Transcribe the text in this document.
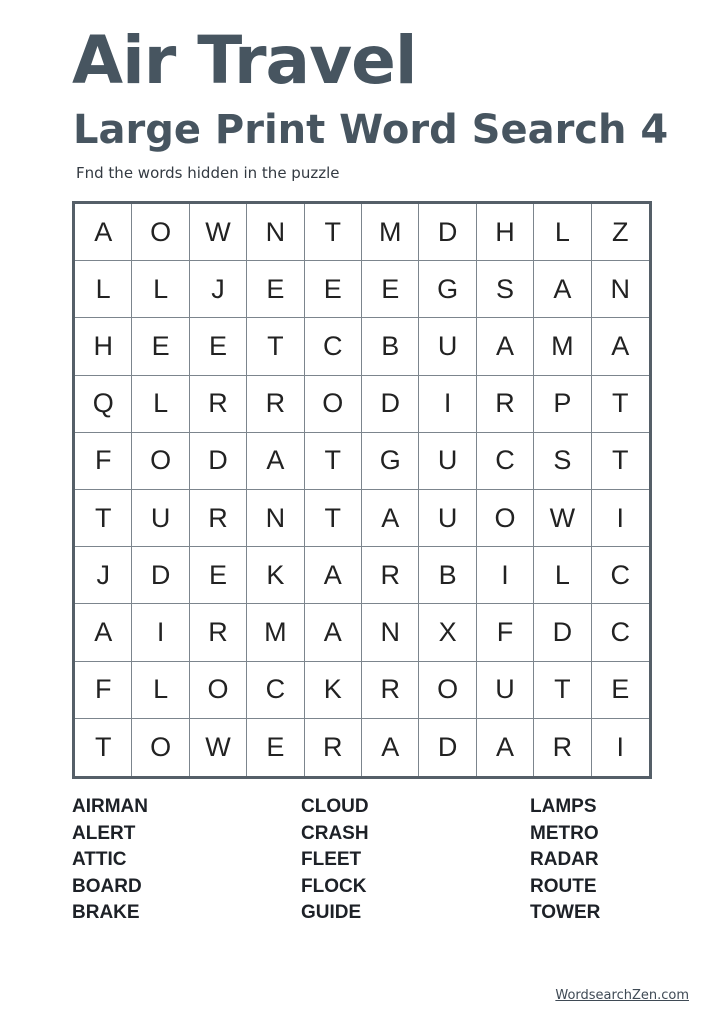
Air Travel
Large Print Word Search 4

Fnd the words hidden in the puzzle

A	O	W	N	T	M	D	H	L	Z
L	L	J	E	E	E	G	S	A	N
H	E	E	T	C	B	U	A	M	A
Q	L	R	R	O	D	I	R	P	T
F	O	D	A	T	G	U	C	S	T
T	U	R	N	T	A	U	O	W	I
J	D	E	K	A	R	B	I	L	C
A	I	R	M	A	N	X	F	D	C
F	L	O	C	K	R	O	U	T	E
T	O	W	E	R	A	D	A	R	I
AIRMAN
ALERT
ATTIC
BOARD
BRAKE
CLOUD
CRASH
FLEET
FLOCK
GUIDE
LAMPS
METRO
RADAR
ROUTE
TOWER
WordsearchZen.com
